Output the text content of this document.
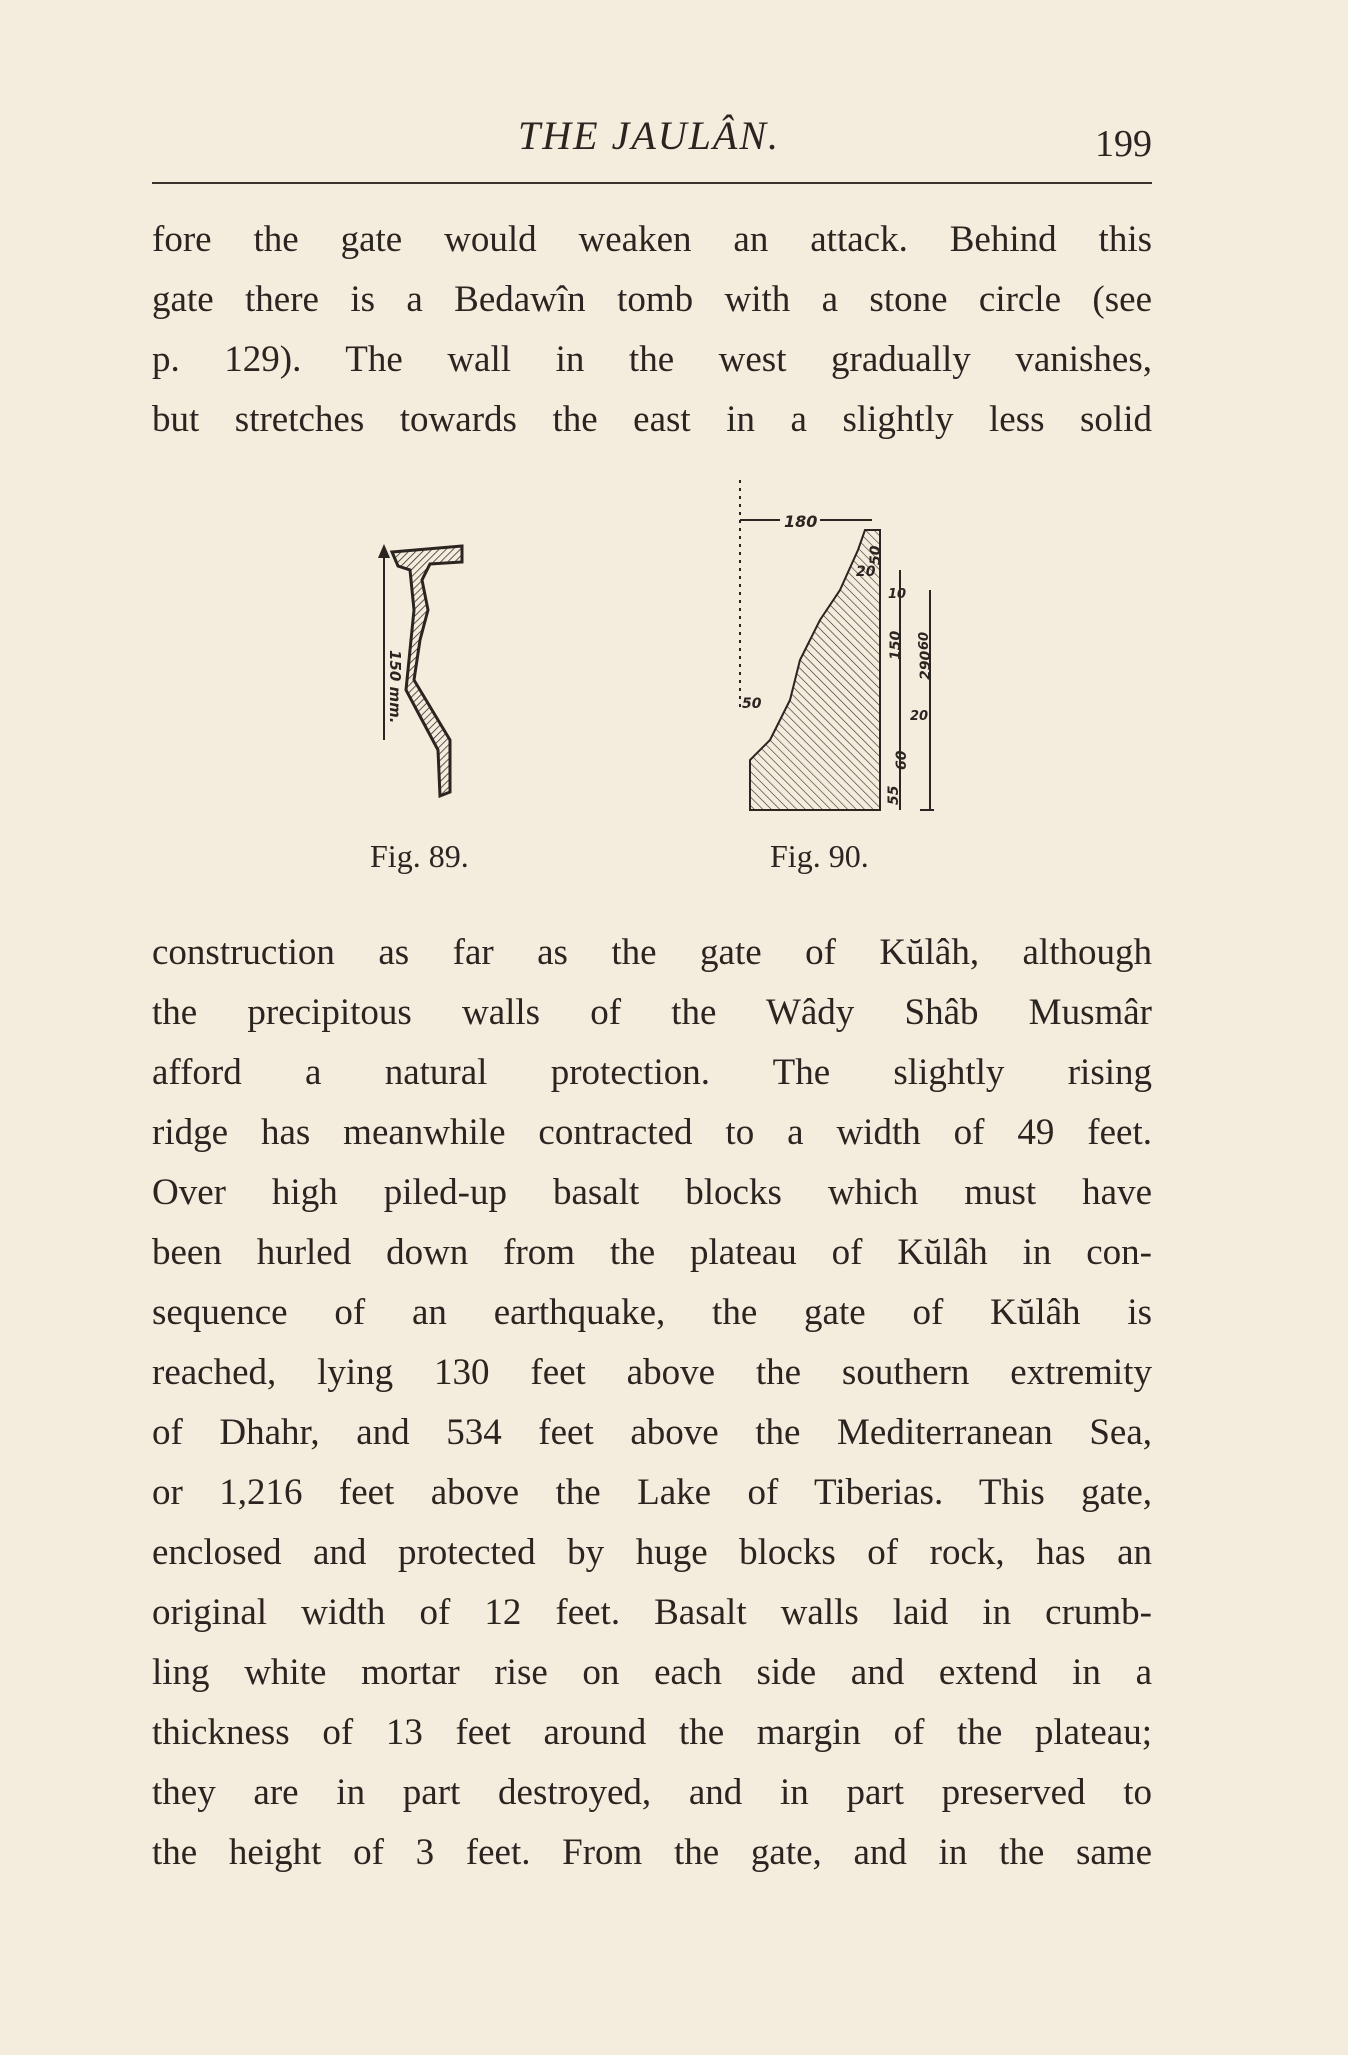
THE JAULÂN.	199
fore the gate would weaken an attack. Behind this
gate there is a Bedawîn tomb with a stone circle (see
p. 129). The wall in the west gradually vanishes,
but stretches towards the east in a slightly less solid
150 mm.
180
20
50
10
50
150
290
20
60
55
60
Fig. 89.	Fig. 90.
construction as far as the gate of Kŭlâh, although
the precipitous walls of the Wâdy Shâb Musmâr
afford a natural protection. The slightly rising
ridge has meanwhile contracted to a width of 49 feet.
Over high piled-up basalt blocks which must have
been hurled down from the plateau of Kŭlâh in con-
sequence of an earthquake, the gate of Kŭlâh is
reached, lying 130 feet above the southern extremity
of Dhahr, and 534 feet above the Mediterranean Sea,
or 1,216 feet above the Lake of Tiberias. This gate,
enclosed and protected by huge blocks of rock, has an
original width of 12 feet. Basalt walls laid in crumb-
ling white mortar rise on each side and extend in a
thickness of 13 feet around the margin of the plateau;
they are in part destroyed, and in part preserved to
the height of 3 feet. From the gate, and in the same
